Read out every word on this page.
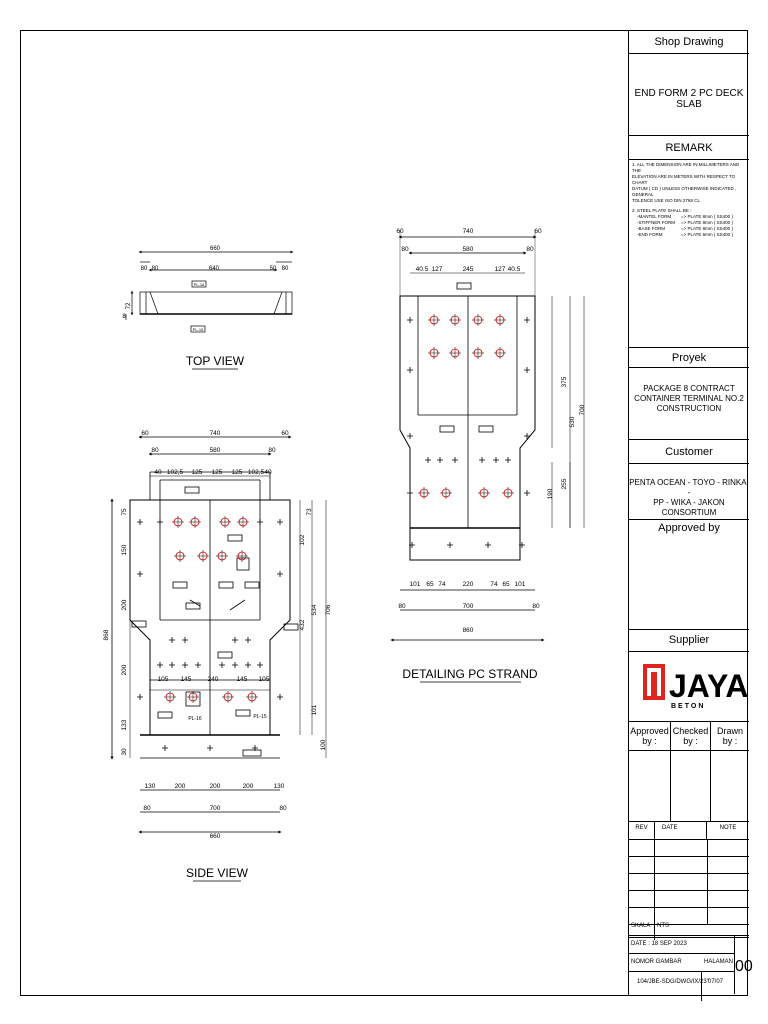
660
80 80	640	50 80
72
8
PL-18
PL-15
TOP VIEW
60	740	60
80	580	80
40 102,5 125 125 125 102,5 40
75
150
200
200
133
30
868
73
102
432
534 706
101
100
105 145 240	145 105
130	200	200	200	130
80	700	80
660
PL-16	PL-15
SIDE VIEW
60	740	60
80	580	80
40.5 127	245	127 40.5
375
530
700
190
255
101 65 74	220	74 65 101
80	700	80
860
DETAILING PC STRAND
Shop Drawing
END FORM 2 PC DECK SLAB
REMARK

1. ALL THE DIMENSION ARE IN MILLIMETERS AND THE
ELEVATION ARE IN METERS WITH RESPECT TO CHART
DATUM ( CD ) UNLESS OTHERWISE INDICATED , GENERAL
TOLENCE USE ISO DIN 2768 CL

2. STEEL PLATE SHALL BE :

-MANTEL FORM	=> PLATE 8mm ( SS400 )
-STIFFNER FORM	=> PLATE 8mm ( SS400 )
-BASE FORM	=> PLATE 8mm ( SS400 )
-END FORM	=> PLATE 6mm ( SS400 )
Proyek
PACKAGE 8 CONTRACT
CONTAINER TERMINAL NO.2
CONSTRUCTION
Customer
PENTA OCEAN - TOYO - RINKAI -
PP - WIKA - JAKON CONSORTIUM
Approved by
Supplier
JAYA
BETON
Approved
by :
Checked
by :
Drawn
by :
REV	DATE	NOTE
SKALA	NTS
DATE : 18 SEP 2023
NOMOR GAMBAR	HALAMAN
104/JBE-SDG/DWG/IX/23" 07/07
00
